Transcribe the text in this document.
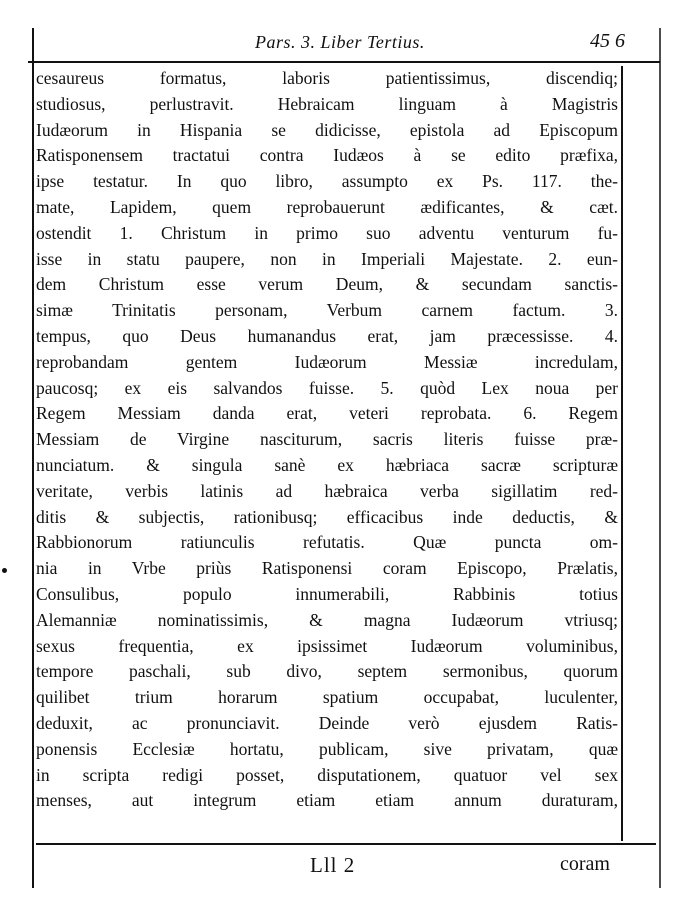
Pars. 3. Liber Tertius.	45 6
cesaureus formatus, laboris patientissimus, discendiq;
studiosus, perlustravit. Hebraicam linguam à Magistris
Iudæorum in Hispania se didicisse, epistola ad Episcopum
Ratisponensem tractatui contra Iudæos à se edito præfixa,
ipse testatur. In quo libro, assumpto ex Ps. 117. the-
mate, Lapidem, quem reprobauerunt ædificantes, & cæt.
ostendit 1. Christum in primo suo adventu venturum fu-
isse in statu paupere, non in Imperiali Majestate. 2. eun-
dem Christum esse verum Deum, & secundam sanctis-
simæ Trinitatis personam, Verbum carnem factum. 3.
tempus, quo Deus humanandus erat, jam præcessisse. 4.
reprobandam gentem Iudæorum Messiæ incredulam,
paucosq; ex eis salvandos fuisse. 5. quòd Lex noua per
Regem Messiam danda erat, veteri reprobata. 6. Regem
Messiam de Virgine nasciturum, sacris literis fuisse præ-
nunciatum. & singula sanè ex hæbriaca sacræ scripturæ
veritate, verbis latinis ad hæbraica verba sigillatim red-
ditis & subjectis, rationibusq; efficacibus inde deductis, &
Rabbionorum ratiunculis refutatis. Quæ puncta om-
nia in Vrbe priùs Ratisponensi coram Episcopo, Prælatis,
Consulibus, populo innumerabili, Rabbinis totius
Alemanniæ nominatissimis, & magna Iudæorum vtriusq;
sexus frequentia, ex ipsissimet Iudæorum voluminibus,
tempore paschali, sub divo, septem sermonibus, quorum
quilibet trium horarum spatium occupabat, luculenter,
deduxit, ac pronunciavit. Deinde verò ejusdem Ratis-
ponensis Ecclesiæ hortatu, publicam, sive privatam, quæ
in scripta redigi posset, disputationem, quatuor vel sex
menses, aut integrum etiam etiam annum duraturam,
Lll 2	coram
